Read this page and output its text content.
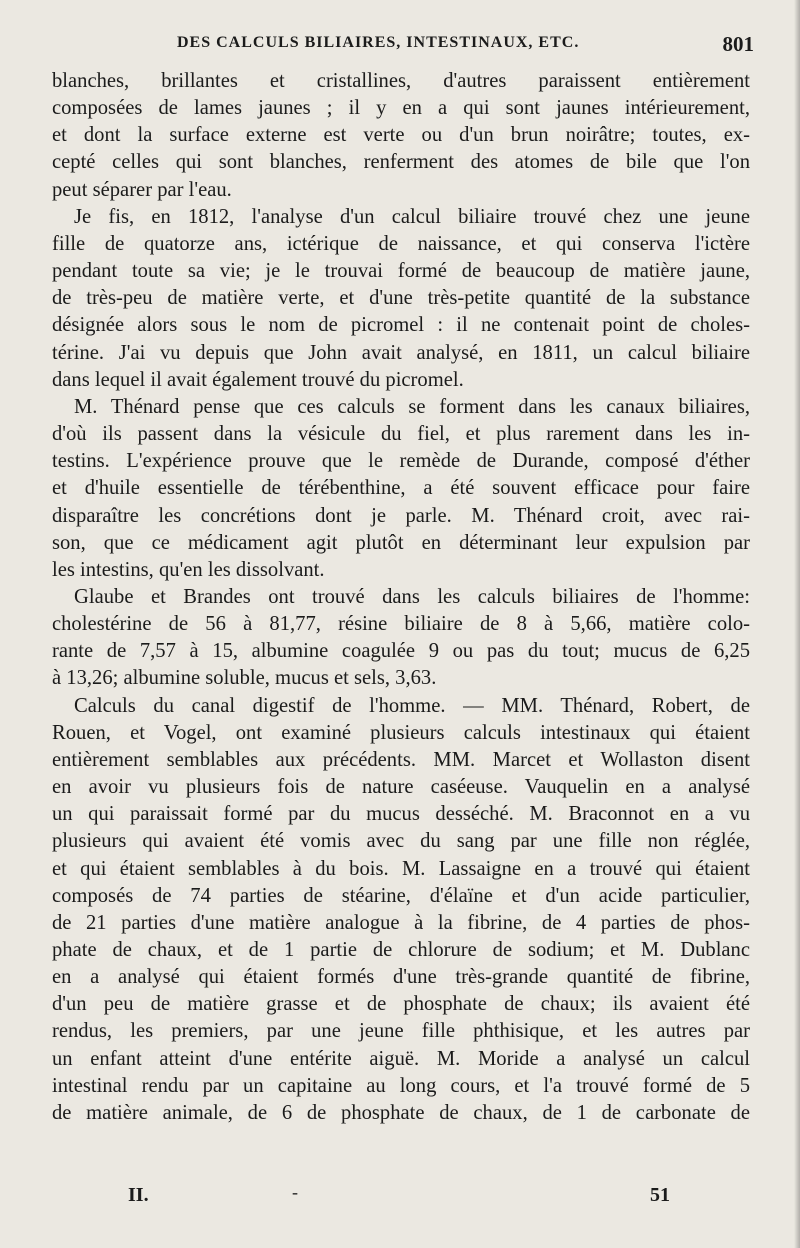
DES CALCULS BILIAIRES, INTESTINAUX, ETC.	801
blanches, brillantes et cristallines, d'autres paraissent entièrement
composées de lames jaunes ; il y en a qui sont jaunes intérieurement,
et dont la surface externe est verte ou d'un brun noirâtre; toutes, ex-
cepté celles qui sont blanches, renferment des atomes de bile que l'on
peut séparer par l'eau.
Je fis, en 1812, l'analyse d'un calcul biliaire trouvé chez une jeune
fille de quatorze ans, ictérique de naissance, et qui conserva l'ictère
pendant toute sa vie; je le trouvai formé de beaucoup de matière jaune,
de très-peu de matière verte, et d'une très-petite quantité de la substance
désignée alors sous le nom de picromel : il ne contenait point de choles-
térine. J'ai vu depuis que John avait analysé, en 1811, un calcul biliaire
dans lequel il avait également trouvé du picromel.
M. Thénard pense que ces calculs se forment dans les canaux biliaires,
d'où ils passent dans la vésicule du fiel, et plus rarement dans les in-
testins. L'expérience prouve que le remède de Durande, composé d'éther
et d'huile essentielle de térébenthine, a été souvent efficace pour faire
disparaître les concrétions dont je parle. M. Thénard croit, avec rai-
son, que ce médicament agit plutôt en déterminant leur expulsion par
les intestins, qu'en les dissolvant.
Glaube et Brandes ont trouvé dans les calculs biliaires de l'homme:
cholestérine de 56 à 81,77, résine biliaire de 8 à 5,66, matière colo-
rante de 7,57 à 15, albumine coagulée 9 ou pas du tout; mucus de 6,25
à 13,26; albumine soluble, mucus et sels, 3,63.
Calculs du canal digestif de l'homme. — MM. Thénard, Robert, de
Rouen, et Vogel, ont examiné plusieurs calculs intestinaux qui étaient
entièrement semblables aux précédents. MM. Marcet et Wollaston disent
en avoir vu plusieurs fois de nature caséeuse. Vauquelin en a analysé
un qui paraissait formé par du mucus desséché. M. Braconnot en a vu
plusieurs qui avaient été vomis avec du sang par une fille non réglée,
et qui étaient semblables à du bois. M. Lassaigne en a trouvé qui étaient
composés de 74 parties de stéarine, d'élaïne et d'un acide particulier,
de 21 parties d'une matière analogue à la fibrine, de 4 parties de phos-
phate de chaux, et de 1 partie de chlorure de sodium; et M. Dublanc
en a analysé qui étaient formés d'une très-grande quantité de fibrine,
d'un peu de matière grasse et de phosphate de chaux; ils avaient été
rendus, les premiers, par une jeune fille phthisique, et les autres par
un enfant atteint d'une entérite aiguë. M. Moride a analysé un calcul
intestinal rendu par un capitaine au long cours, et l'a trouvé formé de 5
de matière animale, de 6 de phosphate de chaux, de 1 de carbonate de
II.	-	51
